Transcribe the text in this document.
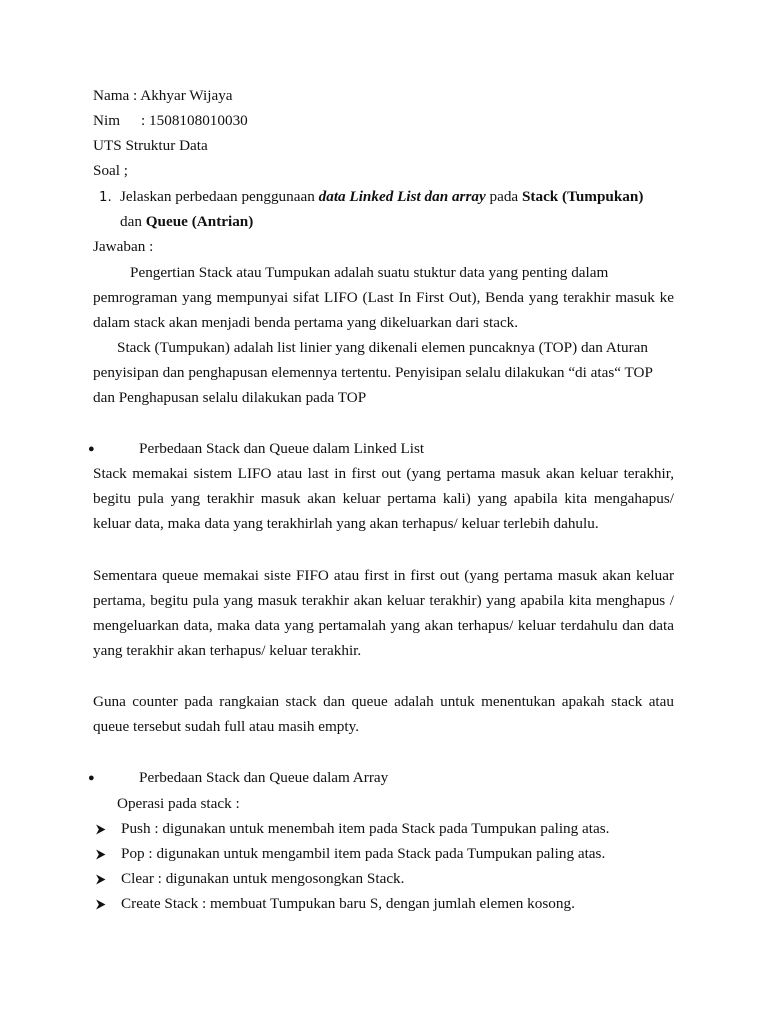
Nama : Akhyar Wijaya
Nim : 1508108010030
UTS Struktur Data
Soal ;
1. Jelaskan perbedaan penggunaan data Linked List dan array pada Stack (Tumpukan)
dan Queue (Antrian)
Jawaban :
Pengertian Stack atau Tumpukan adalah suatu stuktur data yang penting dalam
pemrograman yang mempunyai sifat LIFO (Last In First Out), Benda yang terakhir masuk ke
dalam stack akan menjadi benda pertama yang dikeluarkan dari stack.
Stack (Tumpukan) adalah list linier yang dikenali elemen puncaknya (TOP) dan Aturan
penyisipan dan penghapusan elemennya tertentu. Penyisipan selalu dilakukan “di atas“ TOP
dan Penghapusan selalu dilakukan pada TOP
●	Perbedaan Stack dan Queue dalam Linked List
Stack memakai sistem LIFO atau last in first out (yang pertama masuk akan keluar terakhir,
begitu pula yang terakhir masuk akan keluar pertama kali) yang apabila kita mengahapus/
keluar data, maka data yang terakhirlah yang akan terhapus/ keluar terlebih dahulu.
Sementara queue memakai siste FIFO atau first in first out (yang pertama masuk akan keluar
pertama, begitu pula yang masuk terakhir akan keluar terakhir) yang apabila kita menghapus /
mengeluarkan data, maka data yang pertamalah yang akan terhapus/ keluar terdahulu dan data
yang terakhir akan terhapus/ keluar terakhir.
Guna counter pada rangkaian stack dan queue adalah untuk menentukan apakah stack atau
queue tersebut sudah full atau masih empty.
●	Perbedaan Stack dan Queue dalam Array
Operasi pada stack :
Push : digunakan untuk menembah item pada Stack pada Tumpukan paling atas.
Pop : digunakan untuk mengambil item pada Stack pada Tumpukan paling atas.
Clear : digunakan untuk mengosongkan Stack.
Create Stack : membuat Tumpukan baru S, dengan jumlah elemen kosong.
